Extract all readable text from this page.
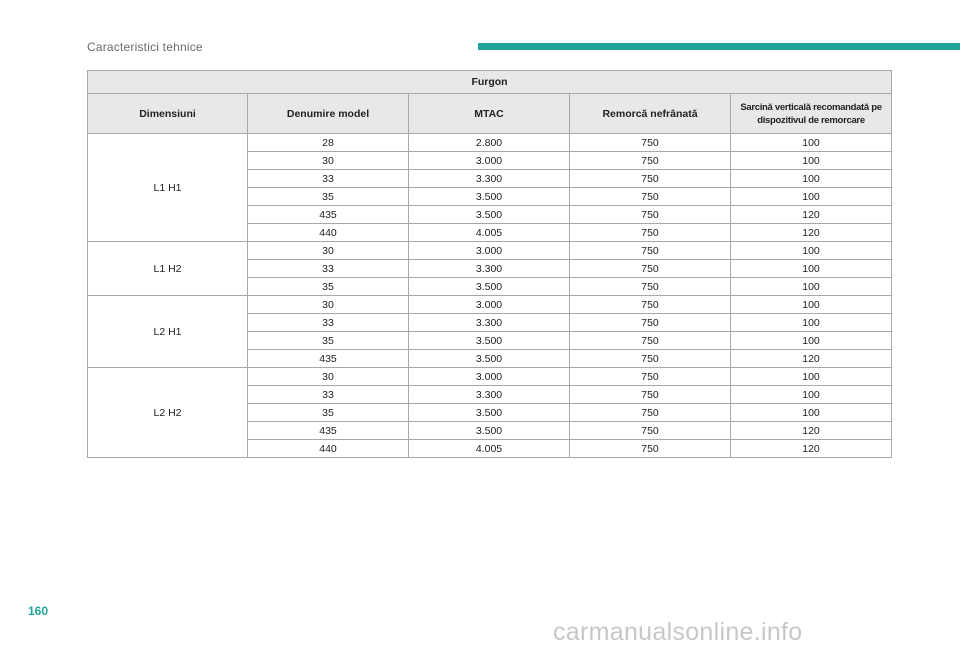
Caracteristici tehnice
Furgon				
Dimensiuni	Denumire model	MTAC	Remorcă nefrânată	Sarcină verticală recomandată pe dispozitivul de remorcare
L1 H1	28	2.800	750	100
	30	3.000	750	100
	33	3.300	750	100
	35	3.500	750	100
	435	3.500	750	120
	440	4.005	750	120
L1 H2	30	3.000	750	100
	33	3.300	750	100
	35	3.500	750	100
L2 H1	30	3.000	750	100
	33	3.300	750	100
	35	3.500	750	100
	435	3.500	750	120
L2 H2	30	3.000	750	100
	33	3.300	750	100
	35	3.500	750	100
	435	3.500	750	120
	440	4.005	750	120
160
carmanualsonline.info
